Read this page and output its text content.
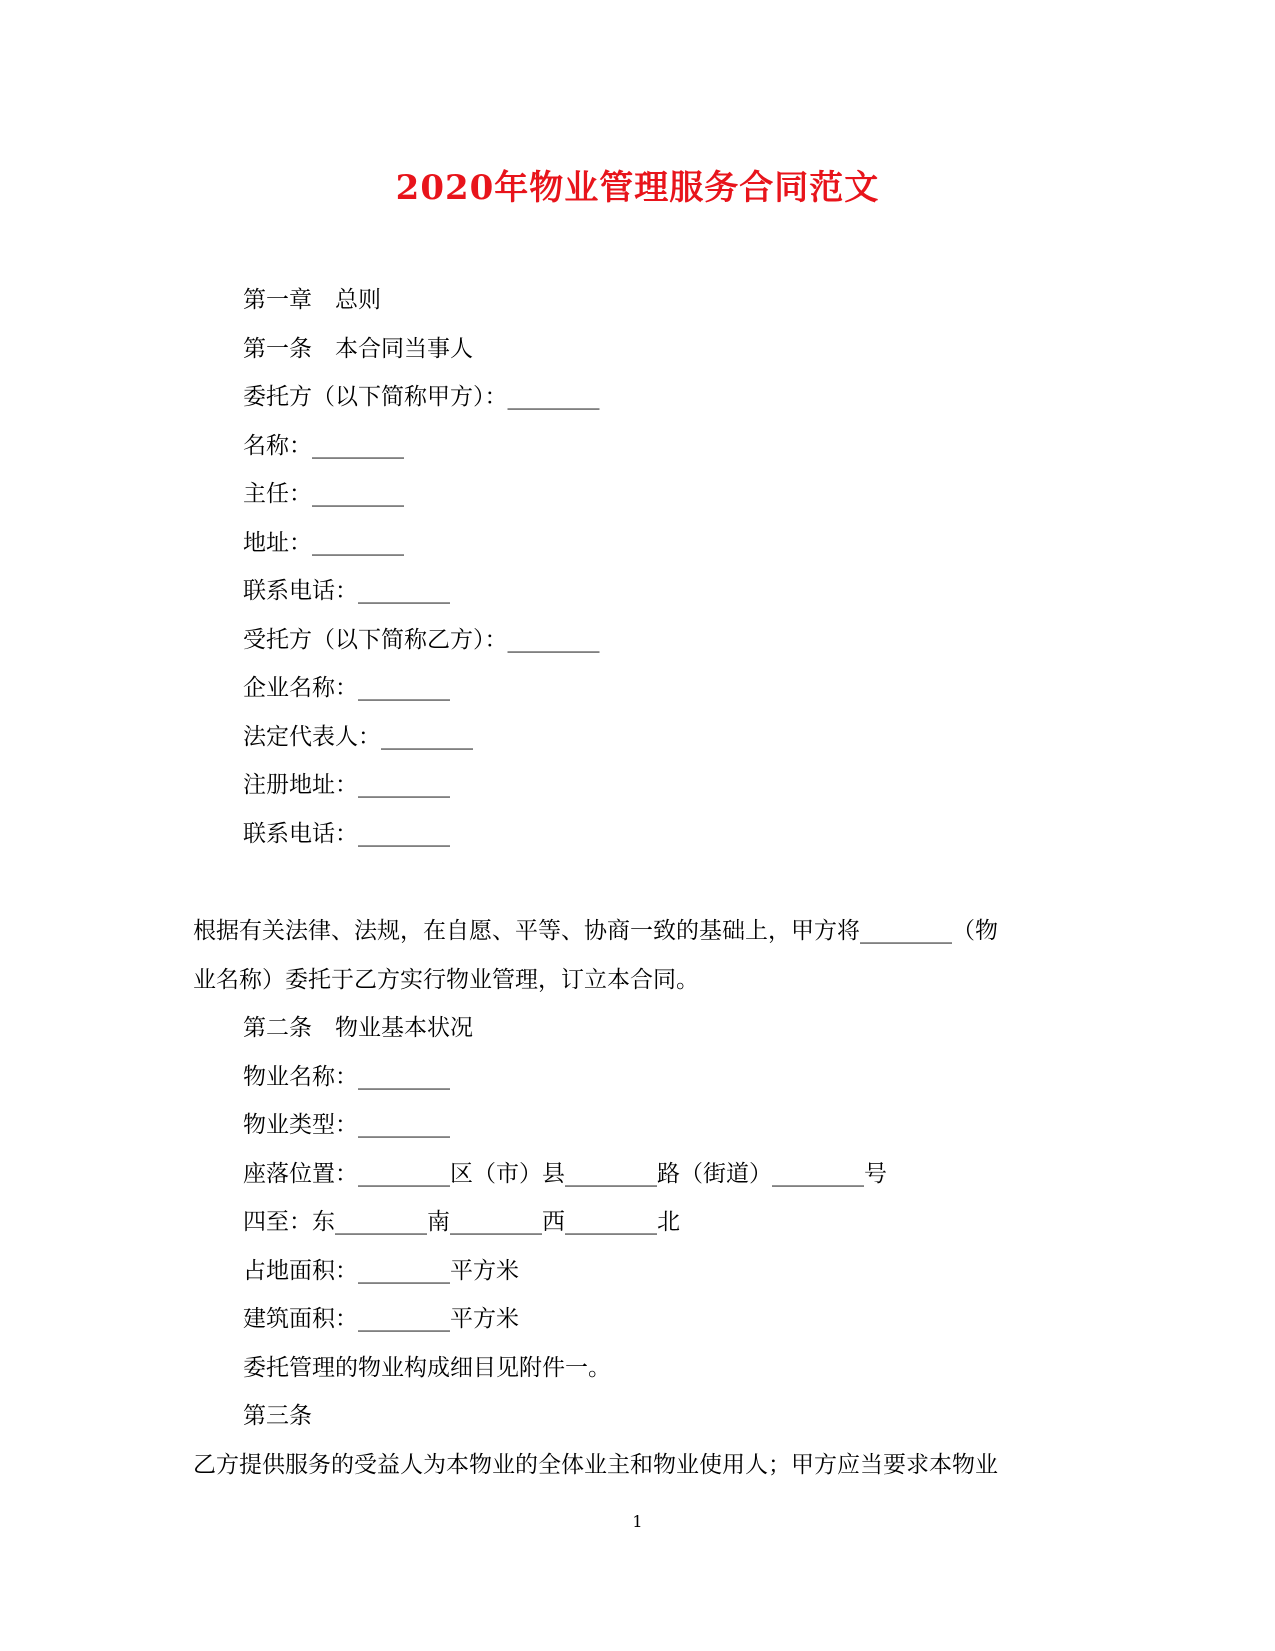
2020年物业管理服务合同范文
第一章　总则
第一条　本合同当事人
委托方（以下简称甲方）：________
名称：________
主任：________
地址：________
联系电话：________
受托方（以下简称乙方）：________
企业名称：________
法定代表人：________
注册地址：________
联系电话：________
根据有关法律、法规，在自愿、平等、协商一致的基础上，甲方将________（物
业名称）委托于乙方实行物业管理，订立本合同。
第二条　物业基本状况
物业名称：________
物业类型：________
座落位置：________区（市）县________路（街道）________号
四至：东________南________西________北
占地面积：________平方米
建筑面积：________平方米
委托管理的物业构成细目见附件一。
第三条
乙方提供服务的受益人为本物业的全体业主和物业使用人；甲方应当要求本物业
1
